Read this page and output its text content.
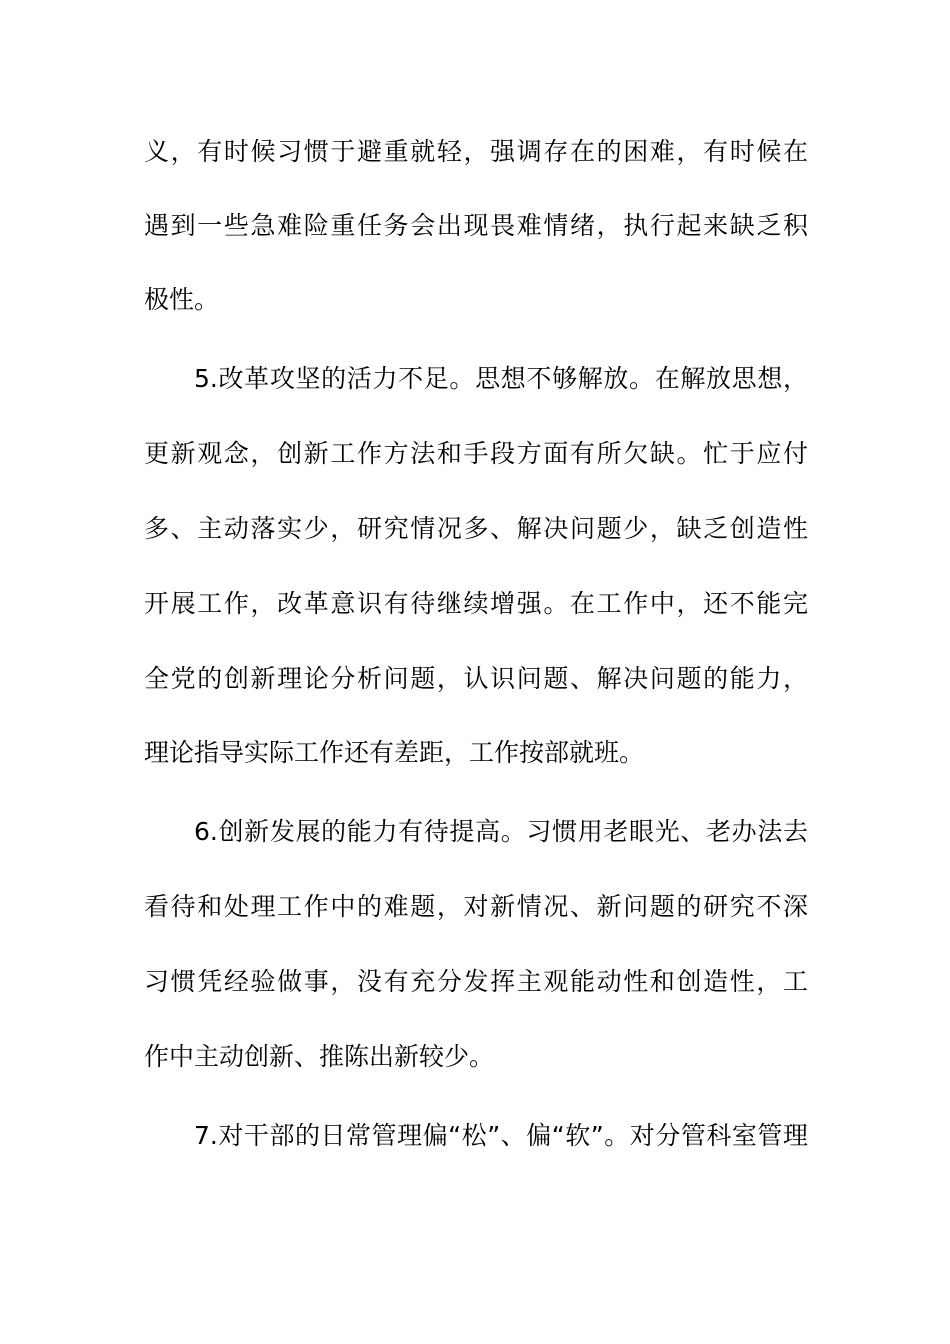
义，有时候习惯于避重就轻，强调存在的困难，有时候在
遇到一些急难险重任务会出现畏难情绪，执行起来缺乏积
极性。
5.改革攻坚的活力不足。思想不够解放。在解放思想，
更新观念，创新工作方法和手段方面有所欠缺。忙于应付
多、主动落实少，研究情况多、解决问题少，缺乏创造性
开展工作，改革意识有待继续增强。在工作中，还不能完
全党的创新理论分析问题，认识问题、解决问题的能力，
理论指导实际工作还有差距，工作按部就班。
6.创新发展的能力有待提高。习惯用老眼光、老办法去
看待和处理工作中的难题，对新情况、新问题的研究不深
习惯凭经验做事，没有充分发挥主观能动性和创造性，工
作中主动创新、推陈出新较少。
7.对干部的日常管理偏“松”、偏“软”。对分管科室管理
